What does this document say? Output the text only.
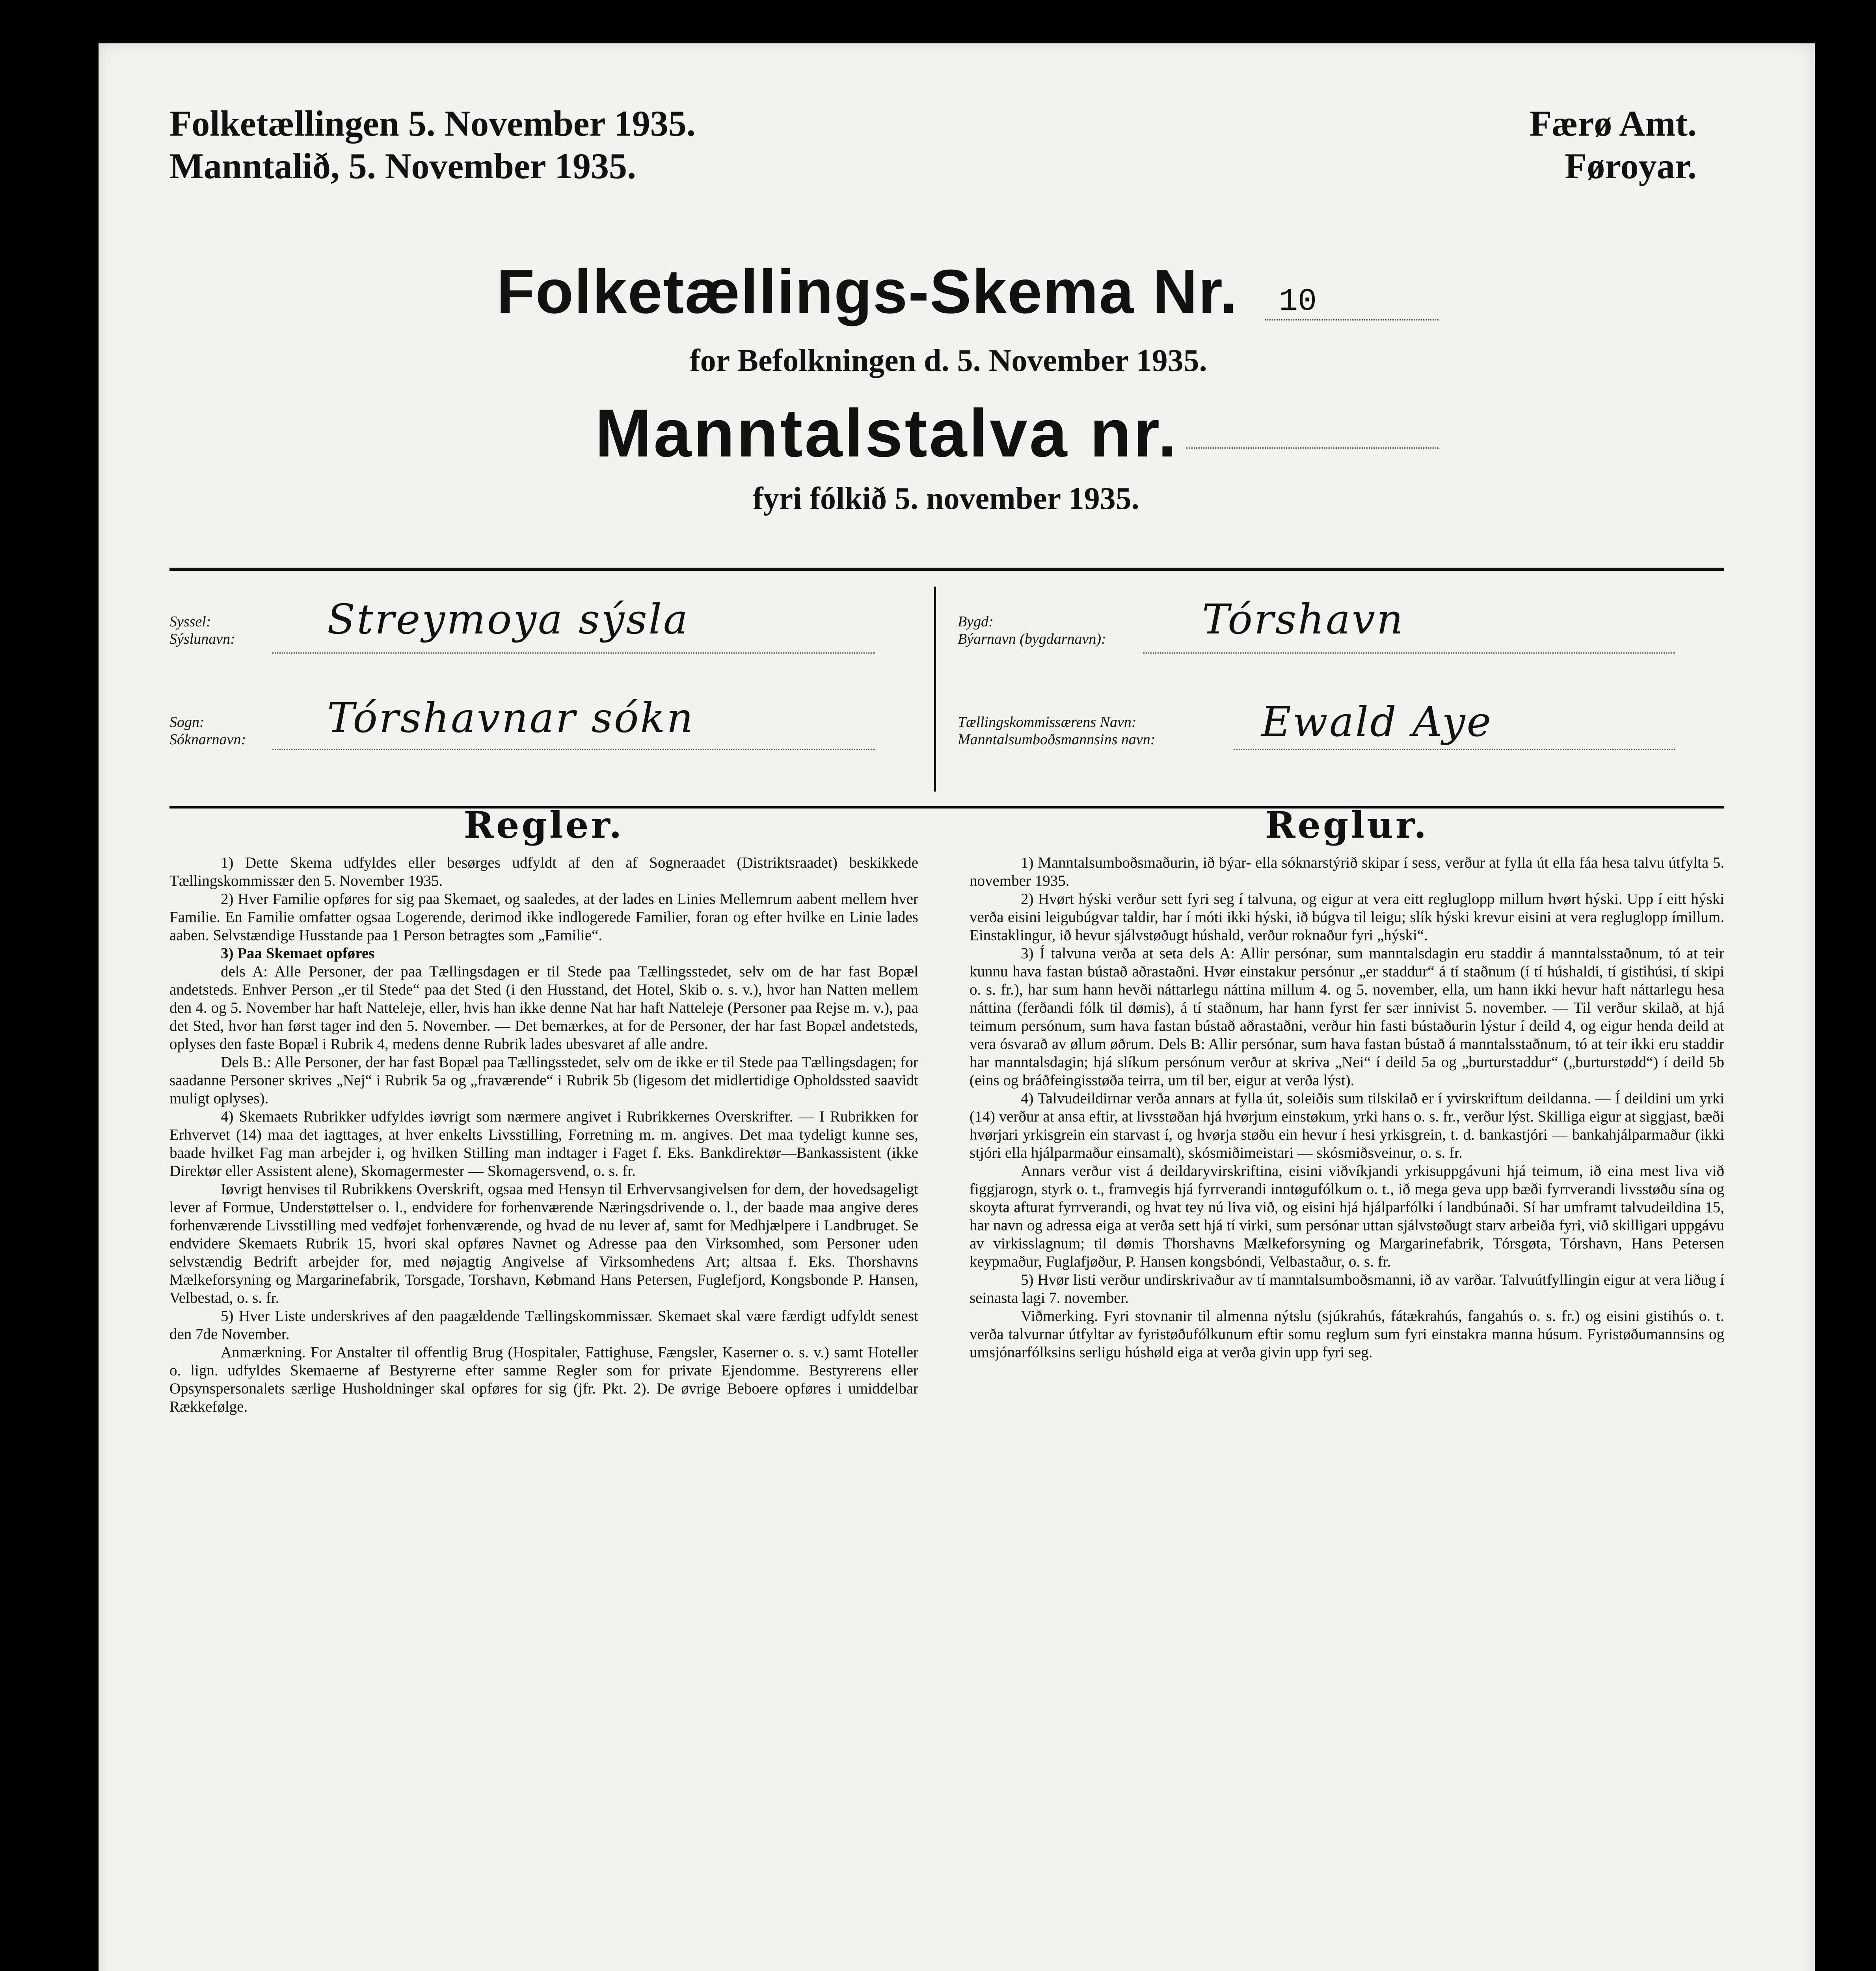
Folketællingen 5. November 1935.
Manntalið, 5. November 1935.
Færø Amt.
Føroyar.
Folketællings-Skema Nr. 10
for Befolkningen d. 5. November 1935.
Manntalstalva nr.
fyri fólkið 5. november 1935.
Syssel:
Sýslunavn: Streymoya sýsla
Sogn:
Sóknarnavn: Tórshavnar sókn
Bygd:
Býarnavn (bygdarnavn): Tórshavn
Tællingskommissærens Navn:
Manntalsumboðsmannsins navn:	Ewald Aye
Regler.

1) Dette Skema udfyldes eller besørges udfyldt af den af Sogneraadet (Distriktsraadet) beskikkede Tællingskommissær den 5. November 1935.

2) Hver Familie opføres for sig paa Skemaet, og saaledes, at der lades en Linies Mellemrum aabent mellem hver Familie. En Familie omfatter ogsaa Logerende, derimod ikke indlogerede Familier, foran og efter hvilke en Linie lades aaben. Selvstændige Husstande paa 1 Person betragtes som „Familie“.

3) Paa Skemaet opføres

dels A: Alle Personer, der paa Tællingsdagen er til Stede paa Tællingsstedet, selv om de har fast Bopæl andetsteds. Enhver Person „er til Stede“ paa det Sted (i den Husstand, det Hotel, Skib o. s. v.), hvor han Natten mellem den 4. og 5. November har haft Natteleje, eller, hvis han ikke denne Nat har haft Natteleje (Personer paa Rejse m. v.), paa det Sted, hvor han først tager ind den 5. November. — Det bemærkes, at for de Personer, der har fast Bopæl andetsteds, oplyses den faste Bopæl i Rubrik 4, medens denne Rubrik lades ubesvaret af alle andre.

Dels B.: Alle Personer, der har fast Bopæl paa Tællingsstedet, selv om de ikke er til Stede paa Tællingsdagen; for saadanne Personer skrives „Nej“ i Rubrik 5a og „fraværende“ i Rubrik 5b (ligesom det midlertidige Opholdssted saavidt muligt oplyses).

4) Skemaets Rubrikker udfyldes iøvrigt som nærmere angivet i Rubrikkernes Overskrifter. — I Rubrikken for Erhvervet (14) maa det iagttages, at hver enkelts Livsstilling, Forretning m. m. angives. Det maa tydeligt kunne ses, baade hvilket Fag man arbejder i, og hvilken Stilling man indtager i Faget f. Eks. Bankdirektør—Bankassistent (ikke Direktør eller Assistent alene), Skomagermester — Skomagersvend, o. s. fr.

Iøvrigt henvises til Rubrikkens Overskrift, ogsaa med Hensyn til Erhvervsangivelsen for dem, der hovedsageligt lever af Formue, Understøttelser o. l., endvidere for forhenværende Næringsdrivende o. l., der baade maa angive deres forhenværende Livsstilling med vedføjet forhenværende, og hvad de nu lever af, samt for Medhjælpere i Landbruget. Se endvidere Skemaets Rubrik 15, hvori skal opføres Navnet og Adresse paa den Virksomhed, som Personer uden selvstændig Bedrift arbejder for, med nøjagtig Angivelse af Virksomhedens Art; altsaa f. Eks. Thorshavns Mælkeforsyning og Margarinefabrik, Torsgade, Torshavn, Købmand Hans Petersen, Fuglefjord, Kongsbonde P. Hansen, Velbestad, o. s. fr.

5) Hver Liste underskrives af den paagældende Tællingskommissær. Skemaet skal være færdigt udfyldt senest den 7de November.

Anmærkning. For Anstalter til offentlig Brug (Hospitaler, Fattighuse, Fængsler, Kaserner o. s. v.) samt Hoteller o. lign. udfyldes Skemaerne af Bestyrerne efter samme Regler som for private Ejendomme. Bestyrerens eller Opsynspersonalets særlige Husholdninger skal opføres for sig (jfr. Pkt. 2). De øvrige Beboere opføres i umiddelbar Rækkefølge.

Reglur.

1) Manntalsumboðsmaðurin, ið býar- ella sóknarstýrið skipar í sess, verður at fylla út ella fáa hesa talvu útfylta 5. november 1935.

2) Hvørt hýski verður sett fyri seg í talvuna, og eigur at vera eitt regluglopp millum hvørt hýski. Upp í eitt hýski verða eisini leigubúgvar taldir, har í móti ikki hýski, ið búgva til leigu; slík hýski krevur eisini at vera regluglopp ímillum. Einstaklingur, ið hevur sjálvstøðugt húshald, verður roknaður fyri „hýski“.

3) Í talvuna verða at seta dels A: Allir persónar, sum manntalsdagin eru staddir á manntalsstaðnum, tó at teir kunnu hava fastan bústað aðrastaðni. Hvør einstakur persónur „er staddur“ á tí staðnum (í tí húshaldi, tí gistihúsi, tí skipi o. s. fr.), har sum hann hevði náttarlegu náttina millum 4. og 5. november, ella, um hann ikki hevur haft náttarlegu hesa náttina (ferðandi fólk til dømis), á tí staðnum, har hann fyrst fer sær innivist 5. november. — Til verður skilað, at hjá teimum persónum, sum hava fastan bústað aðrastaðni, verður hin fasti bústaðurin lýstur í deild 4, og eigur henda deild at vera ósvarað av øllum øðrum. Dels B: Allir persónar, sum hava fastan bústað á manntalsstaðnum, tó at teir ikki eru staddir har manntalsdagin; hjá slíkum persónum verður at skriva „Nei“ í deild 5a og „burturstaddur“ („burturstødd“) í deild 5b (eins og bráðfeingisstøða teirra, um til ber, eigur at verða lýst).

4) Talvudeildirnar verða annars at fylla út, soleiðis sum tilskilað er í yvirskriftum deildanna. — Í deildini um yrki (14) verður at ansa eftir, at livsstøðan hjá hvørjum einstøkum, yrki hans o. s. fr., verður lýst. Skilliga eigur at siggjast, bæði hvørjari yrkisgrein ein starvast í, og hvørja støðu ein hevur í hesi yrkisgrein, t. d. bankastjóri — bankahjálparmaður (ikki stjóri ella hjálparmaður einsamalt), skósmiðimeistari — skósmiðsveinur, o. s. fr.

Annars verður vist á deildaryvirskriftina, eisini viðvíkjandi yrkisuppgávuni hjá teimum, ið eina mest liva við figgjarogn, styrk o. t., framvegis hjá fyrrverandi inntøgufólkum o. t., ið mega geva upp bæði fyrrverandi livsstøðu sína og skoyta afturat fyrrverandi, og hvat tey nú liva við, og eisini hjá hjálparfólki í landbúnaði. Sí har umframt talvudeildina 15, har navn og adressa eiga at verða sett hjá tí virki, sum persónar uttan sjálvstøðugt starv arbeiða fyri, við skilligari uppgávu av virkisslagnum; til dømis Thorshavns Mælkeforsyning og Margarinefabrik, Tórsgøta, Tórshavn, Hans Petersen keypmaður, Fuglafjøður, P. Hansen kongsbóndi, Velbastaður, o. s. fr.

5) Hvør listi verður undirskrivaður av tí manntalsumboðsmanni, ið av varðar. Talvuútfyllingin eigur at vera liðug í seinasta lagi 7. november.

Viðmerking. Fyri stovnanir til almenna nýtslu (sjúkrahús, fátækrahús, fangahús o. s. fr.) og eisini gistihús o. t. verða talvurnar útfyltar av fyristøðufólkunum eftir somu reglum sum fyri einstakra manna húsum. Fyristøðumannsins og umsjónarfólksins serligu húshøld eiga at verða givin upp fyri seg.
